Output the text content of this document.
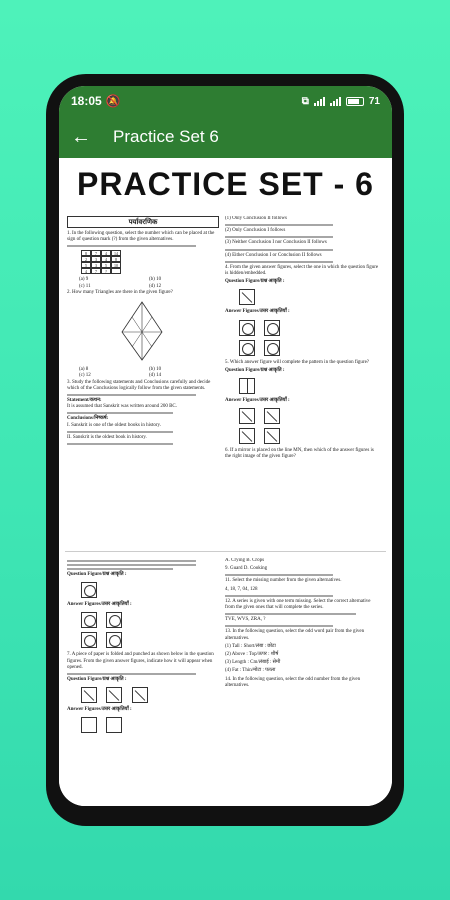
18:05 🔕	⧉	71
←	Practice Set 6
PRACTICE SET - 6
पर्यावरणिक
1. In the following question, select the number which can be placed at the sign of question mark (?) from the given alternatives.
8	7	4	14
2	3	4	8
5	3	5	10
4	7	?
(a) 9	(b) 10
(c) 11	(d) 12
2. How many Triangles are there in the given figure?
(a) 8	(b) 10
(c) 12	(d) 14
3. Study the following statements and Conclusions carefully and decide which of the Conclusions logically follow from the given statements.
Statement/कथन:
It is assumed that Sanskrit was written around 200 BC.
Conclusions/निष्कर्ष:
I. Sanskrit is one of the oldest books in history.
II. Sanskrit is the oldest book in history.
(1) Only Conclusion II follows
(2) Only Conclusion I follows
(3) Neither Conclusion I nor Conclusion II follows
(4) Either Conclusion I or Conclusion II follows
4. From the given answer figures, select the one in which the question figure is hidden/embedded.
Question Figure/प्रश्न आकृति :
Answer Figures/उत्तर आकृतियाँ :

5. Which answer figure will complete the pattern in the question figure?
Question Figure/प्रश्न आकृति :
Answer Figures/उत्तर आकृतियाँ :

6. If a mirror is placed on the line MN, then which of the answer figures is the right image of the given figure?
Question Figure/प्रश्न आकृति :
Answer Figures/उत्तर आकृतियाँ :

7. A piece of paper is folded and punched as shown below in the question figures. From the given answer figures, indicate how it will appear when opened.
Question Figure/प्रश्न आकृति :

Answer Figures/उत्तर आकृतियाँ :

A. Crying B. Crops
9. Guard D. Cooking
11. Select the missing number from the given alternatives.
4, 18, 7, 04, 128
12. A series is given with one term missing. Select the correct alternative from the given ones that will complete the series.
TVE, WVS, ZRA, ?
13. In the following question, select the odd word pair from the given alternatives.
(1) Tall : Short/लंबा : छोटा
(2) Above : Top/ऊपर : शीर्ष
(3) Length : Cm/लंबाई : सेमी
(4) Fat : Thin/मोटा : पतला
14. In the following question, select the odd number from the given alternatives.
